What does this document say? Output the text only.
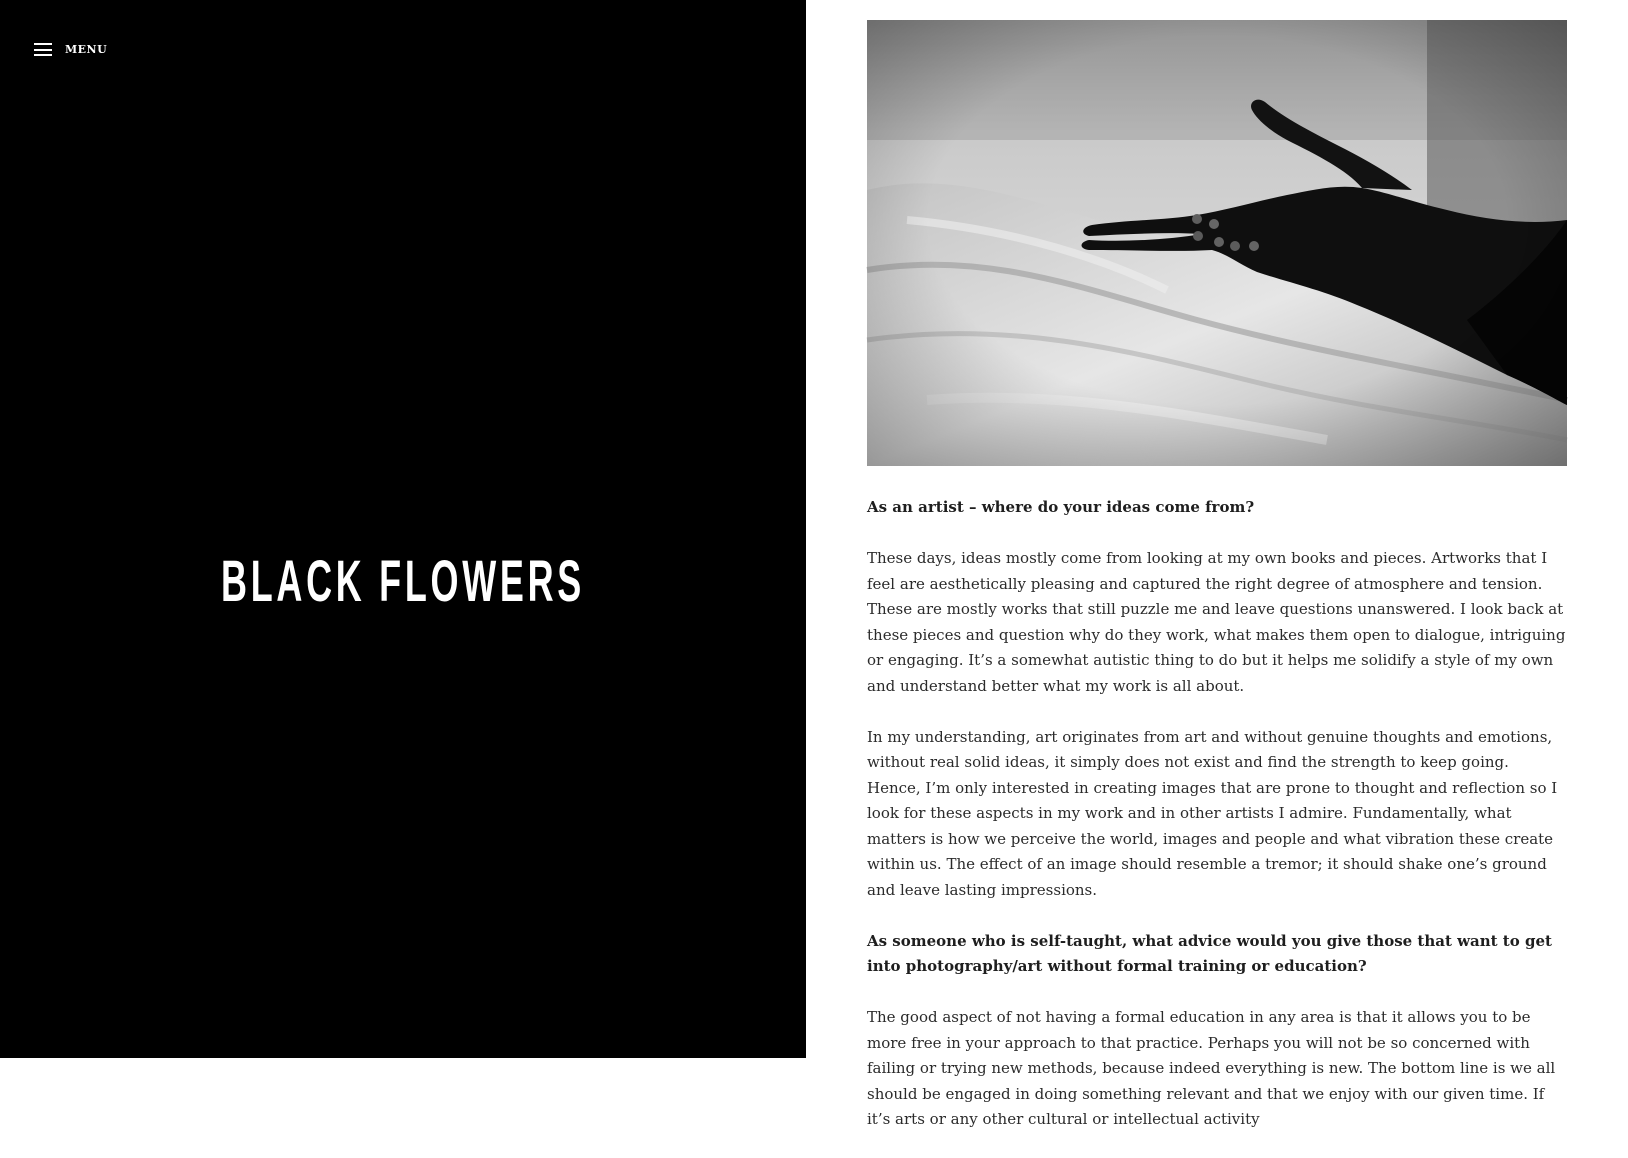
MENU
BLACK FLOWERS

As an artist – where do your ideas come from?

These days, ideas mostly come from looking at my own books and pieces. Artworks that I feel are aesthetically pleasing and captured the right degree of atmosphere and tension. These are mostly works that still puzzle me and leave questions unanswered. I look back at these pieces and question why do they work, what makes them open to dialogue, intriguing or engaging. It’s a somewhat autistic thing to do but it helps me solidify a style of my own and understand better what my work is all about.

In my understanding, art originates from art and without genuine thoughts and emotions, without real solid ideas, it simply does not exist and find the strength to keep going. Hence, I’m only interested in creating images that are prone to thought and reflection so I look for these aspects in my work and in other artists I admire. Fundamentally, what matters is how we perceive the world, images and people and what vibration these create within us. The effect of an image should resemble a tremor; it should shake one’s ground and leave lasting impressions.

As someone who is self-taught, what advice would you give those that want to get into photography/art without formal training or education?

The good aspect of not having a formal education in any area is that it allows you to be more free in your approach to that practice. Perhaps you will not be so concerned with failing or trying new methods, because indeed everything is new. The bottom line is we all should be engaged in doing something relevant and that we enjoy with our given time. If it’s arts or any other cultural or intellectual activity
